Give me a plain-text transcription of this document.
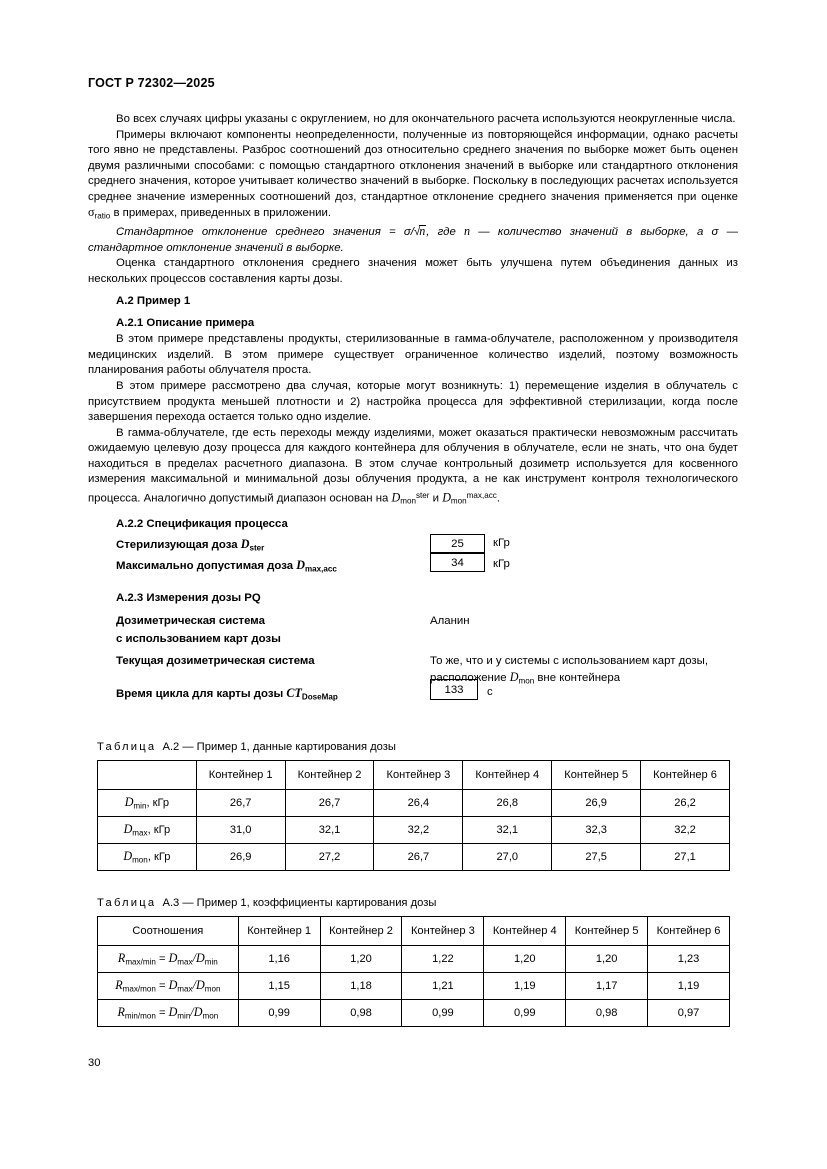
ГОСТ Р 72302—2025

Во всех случаях цифры указаны с округлением, но для окончательного расчета используются неокругленные числа.

Примеры включают компоненты неопределенности, полученные из повторяющейся информации, однако расчеты того явно не представлены. Разброс соотношений доз относительно среднего значения по выборке может быть оценен двумя различными способами: с помощью стандартного отклонения значений в выборке или стандартного отклонения среднего значения, которое учитывает количество значений в выборке. Поскольку в последующих расчетах используется среднее значение измеренных соотношений доз, стандартное отклонение среднего значения применяется при оценке $\sigma_{ratio}$ в примерах, приведенных в приложении.

Стандартное отклонение среднего значения = σ/√n, где n — количество значений в выборке, а σ — стандартное отклонение значений в выборке.

Оценка стандартного отклонения среднего значения может быть улучшена путем объединения данных из нескольких процессов составления карты дозы.

А.2 Пример 1

А.2.1 Описание примера

В этом примере представлены продукты, стерилизованные в гамма-облучателе, расположенном у производителя медицинских изделий. В этом примере существует ограниченное количество изделий, поэтому возможность планирования работы облучателя проста.

В этом примере рассмотрено два случая, которые могут возникнуть: 1) перемещение изделия в облучатель с присутствием продукта меньшей плотности и 2) настройка процесса для эффективной стерилизации, когда после завершения перехода остается только одно изделие.

В гамма-облучателе, где есть переходы между изделиями, может оказаться практически невозможным рассчитать ожидаемую целевую дозу процесса для каждого контейнера для облучения в облучателе, если не знать, что она будет находиться в пределах расчетного диапазона. В этом случае контрольный дозиметр используется для косвенного измерения максимальной и минимальной дозы облучения продукта, а не как инструмент контроля технологического процесса. Аналогично допустимый диапазон основан на $D_{mon}^{ster}$ и $D_{mon}^{max,acc}$.

А.2.2 Спецификация процесса
Стерилизующая доза $D_{ster}$	25	кГр
Максимально допустимая доза $D_{max,acc}$	34	кГр
А.2.3 Измерения дозы PQ
Дозиметрическая система
с использованием карт дозы
Аланин
Текущая дозиметрическая система	То же, что и у системы с использованием карт дозы, расположение $D_{mon}$ вне контейнера
Время цикла для карты дозы $CT_{DoseMap}$
133	с
Таблица А.2 — Пример 1, данные картирования дозы
	Контейнер 1	Контейнер 2	Контейнер 3	Контейнер 4	Контейнер 5	Контейнер 6
$D_{min}$, кГр	26,7	26,7	26,4	26,8	26,9	26,2
$D_{max}$, кГр	31,0	32,1	32,2	32,1	32,3	32,2
$D_{mon}$, кГр	26,9	27,2	26,7	27,0	27,5	27,1
Таблица А.3 — Пример 1, коэффициенты картирования дозы
Соотношения	Контейнер 1	Контейнер 2	Контейнер 3	Контейнер 4	Контейнер 5	Контейнер 6
$R_{max/min} = D_{max}/D_{min}$	1,16	1,20	1,22	1,20	1,20	1,23
$R_{max/mon} = D_{max}/D_{mon}$	1,15	1,18	1,21	1,19	1,17	1,19
$R_{min/mon} = D_{min}/D_{mon}$	0,99	0,98	0,99	0,99	0,98	0,97
30
